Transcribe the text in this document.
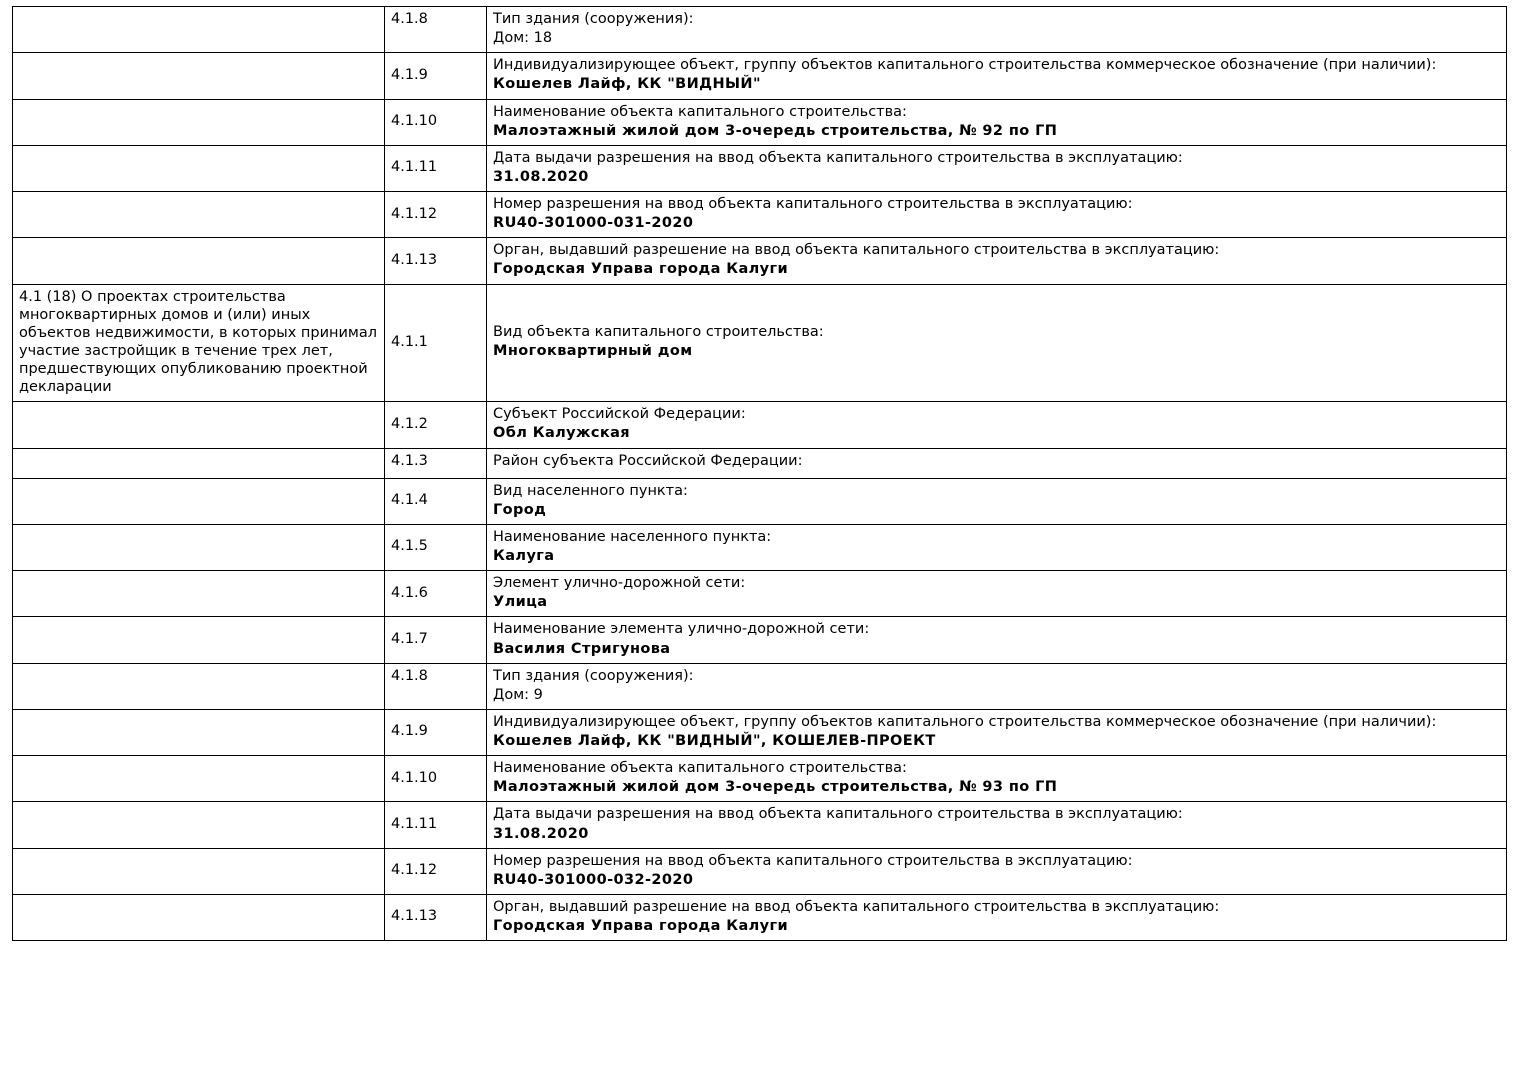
	4.1.8	Тип здания (сооружения):
Дом: 18

	4.1.9	Индивидуализирующее объект, группу объектов капитального строительства коммерческое обозначение (при наличии):
Кошелев Лайф, КК "ВИДНЫЙ"

	4.1.10	Наименование объекта капитального строительства:
Малоэтажный жилой дом 3-очередь строительства, № 92 по ГП

	4.1.11	Дата выдачи разрешения на ввод объекта капитального строительства в эксплуатацию:
31.08.2020

	4.1.12	Номер разрешения на ввод объекта капитального строительства в эксплуатацию:
RU40-301000-031-2020

	4.1.13	Орган, выдавший разрешение на ввод объекта капитального строительства в эксплуатацию:
Городская Управа города Калуги

4.1 (18) О проектах строительства многоквартирных домов и (или) иных объектов недвижимости, в которых принимал участие застройщик в течение трех лет, предшествующих опубликованию проектной декларации	4.1.1	Вид объекта капитального строительства:
Многоквартирный дом

	4.1.2	Субъект Российской Федерации:
Обл Калужская

	4.1.3	Район субъекта Российской Федерации:

	4.1.4	Вид населенного пункта:
Город

	4.1.5	Наименование населенного пункта:
Калуга

	4.1.6	Элемент улично-дорожной сети:
Улица

	4.1.7	Наименование элемента улично-дорожной сети:
Василия Стригунова

	4.1.8	Тип здания (сооружения):
Дом: 9

	4.1.9	Индивидуализирующее объект, группу объектов капитального строительства коммерческое обозначение (при наличии):
Кошелев Лайф, КК "ВИДНЫЙ", КОШЕЛЕВ-ПРОЕКТ

	4.1.10	Наименование объекта капитального строительства:
Малоэтажный жилой дом 3-очередь строительства, № 93 по ГП

	4.1.11	Дата выдачи разрешения на ввод объекта капитального строительства в эксплуатацию:
31.08.2020

	4.1.12	Номер разрешения на ввод объекта капитального строительства в эксплуатацию:
RU40-301000-032-2020

	4.1.13	Орган, выдавший разрешение на ввод объекта капитального строительства в эксплуатацию:
Городская Управа города Калуги
